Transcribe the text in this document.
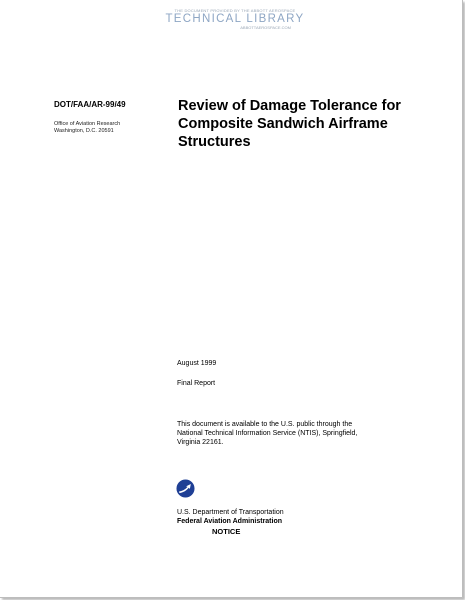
THE DOCUMENT PROVIDED BY THE ABBOTT AEROSPACE
TECHNICAL LIBRARY
ABBOTTAEROSPACE.COM
DOT/FAA/AR-99/49
Office of Aviation Research
Washington, D.C. 20591
Review of Damage Tolerance for Composite Sandwich Airframe Structures
August 1999
Final Report
This document is available to the U.S. public through the National Technical Information Service (NTIS), Springfield, Virginia 22161.
U.S. Department of Transportation
Federal Aviation Administration
NOTICE
